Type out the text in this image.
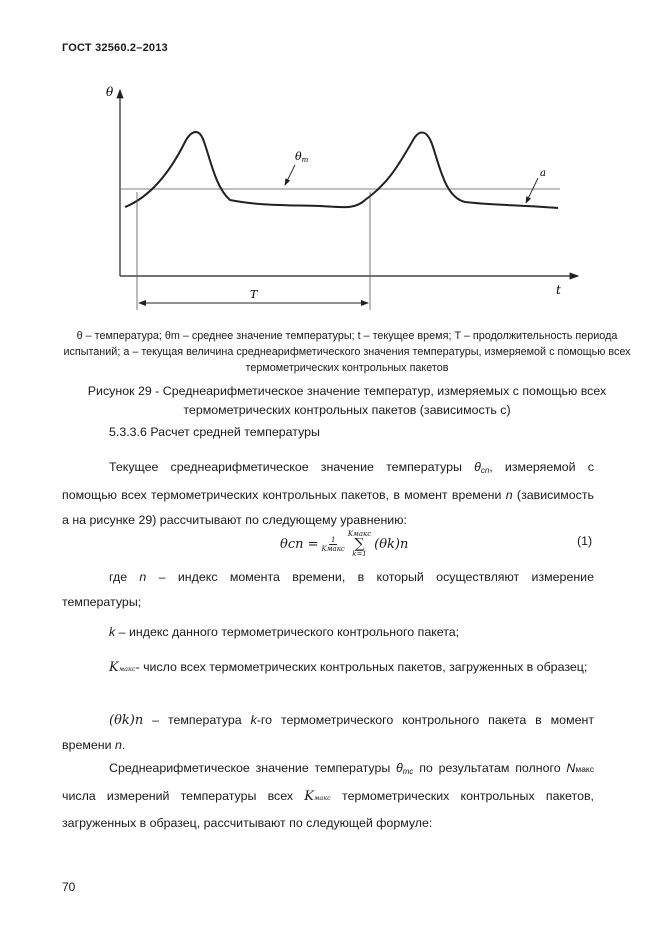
ГОСТ 32560.2–2013
θ
t
T
θm
a
θ – температура; θm – среднее значение температуры; t – текущее время; T – продолжительность периода испытаний; a – текущая величина среднеарифметического значения температуры, измеряемой с помощью всех термометрических контрольных пакетов
Рисунок 29 - Среднеарифметическое значение температур, измеряемых с помощью всех термометрических контрольных пакетов (зависимость с)
5.3.3.6 Расчет средней температуры
Текущее среднеарифметическое значение температуры $\theta_{cn}$, измеряемой с помощью всех термометрических контрольных пакетов, в момент времени n (зависимость а на рисунке 29) рассчитывают по следующему уравнению:
$\theta cn = \frac{1}{\text{Kмакс}}$
Kмакс
∑
k=1
(θk)n	(1)
где n – индекс момента времени, в который осуществляют измерение температуры;
k – индекс данного термометрического контрольного пакета;
Kмакс- число всех термометрических контрольных пакетов, загруженных в образец;
(θk)n – температура k-го термометрического контрольного пакета в момент времени n.
Среднеарифметическое значение температуры $\theta_{mc}$ по результатам полного Nмакс числа измерений температуры всех Kмакс термометрических контрольных пакетов, загруженных в образец, рассчитывают по следующей формуле:
70
